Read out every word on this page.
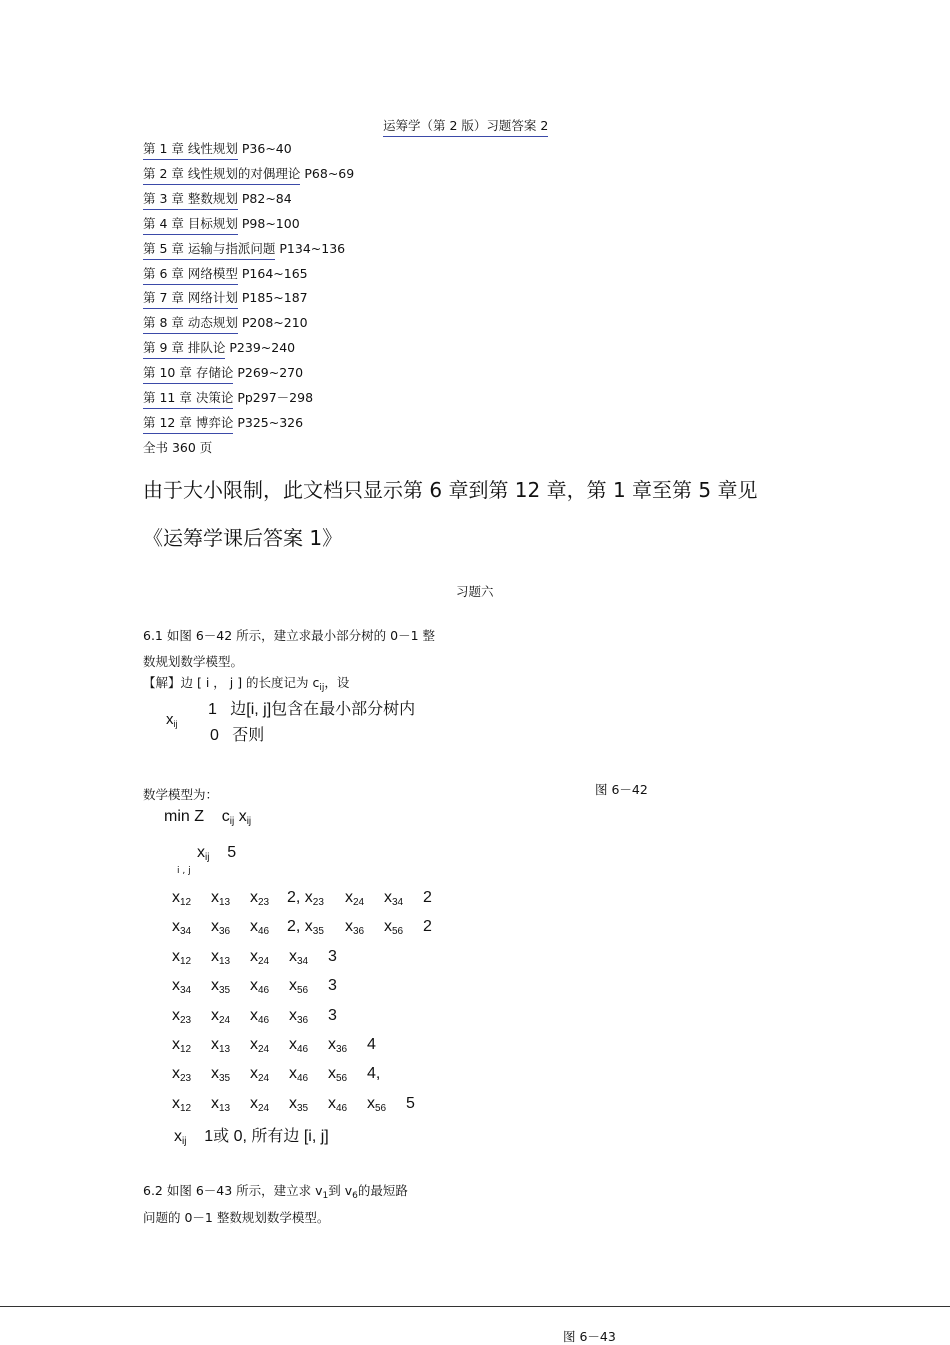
运筹学（第 2 版）习题答案 2
第 1 章 线性规划 P36~40
第 2 章 线性规划的对偶理论 P68~69
第 3 章 整数规划 P82~84
第 4 章 目标规划 P98~100
第 5 章 运输与指派问题 P134~136
第 6 章 网络模型 P164~165
第 7 章 网络计划 P185~187
第 8 章 动态规划 P208~210
第 9 章 排队论 P239~240
第 10 章 存储论 P269~270
第 11 章 决策论 Pp297－298
第 12 章 博弈论 P325~326
全书 360 页
由于大小限制，此文档只显示第 6 章到第 12 章，第 1 章至第 5 章见
《运筹学课后答案 1》
习题六
6.1 如图 6－42 所示，建立求最小部分树的 0－1 整
数规划数学模型。
【解】边 [ i ， j ] 的长度记为 $c_{ij}$，设
$x_{ij}$
1 边[i, j]包含在最小部分树内
0 否则
数学模型为：	图 6－42
min Z $c_{ij}$ $x_{ij}$
$x_{ij}$ 5
i , j
$x_{12}$ $x_{13}$ $x_{23}$ 2, $x_{23}$ $x_{24}$ $x_{34}$ 2
$x_{34}$ $x_{36}$ $x_{46}$ 2, $x_{35}$ $x_{36}$ $x_{56}$ 2
$x_{12}$ $x_{13}$ $x_{24}$ $x_{34}$ 3
$x_{34}$ $x_{35}$ $x_{46}$ $x_{56}$ 3
$x_{23}$ $x_{24}$ $x_{46}$ $x_{36}$ 3
$x_{12}$ $x_{13}$ $x_{24}$ $x_{46}$ $x_{36}$ 4
$x_{23}$ $x_{35}$ $x_{24}$ $x_{46}$ $x_{56}$ 4,
$x_{12}$ $x_{13}$ $x_{24}$ $x_{35}$ $x_{46}$ $x_{56}$ 5
$x_{ij}$ 1或 0, 所有边 [i, j]
6.2 如图 6－43 所示，建立求 $v_1$到 $v_6$的最短路
问题的 0－1 整数规划数学模型。
图 6－43
